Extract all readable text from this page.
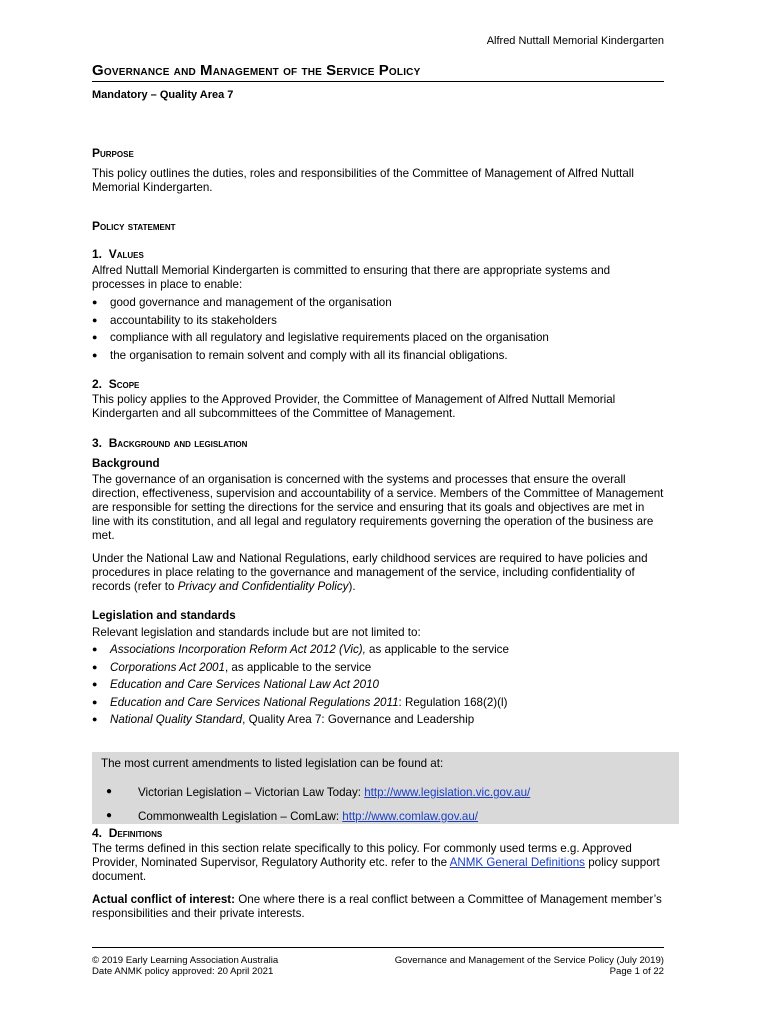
Alfred Nuttall Memorial Kindergarten
Governance and Management of the Service Policy
Mandatory – Quality Area 7
Purpose
This policy outlines the duties, roles and responsibilities of the Committee of Management of Alfred Nuttall Memorial Kindergarten.
Policy statement
1. Values
Alfred Nuttall Memorial Kindergarten is committed to ensuring that there are appropriate systems and processes in place to enable:
● good governance and management of the organisation
● accountability to its stakeholders
● compliance with all regulatory and legislative requirements placed on the organisation
● the organisation to remain solvent and comply with all its financial obligations.
2. Scope
This policy applies to the Approved Provider, the Committee of Management of Alfred Nuttall Memorial Kindergarten and all subcommittees of the Committee of Management.
3. Background and legislation
Background
The governance of an organisation is concerned with the systems and processes that ensure the overall direction, effectiveness, supervision and accountability of a service. Members of the Committee of Management are responsible for setting the directions for the service and ensuring that its goals and objectives are met in line with its constitution, and all legal and regulatory requirements governing the operation of the business are met.
Under the National Law and National Regulations, early childhood services are required to have policies and procedures in place relating to the governance and management of the service, including confidentiality of records (refer to Privacy and Confidentiality Policy).
Legislation and standards
Relevant legislation and standards include but are not limited to:
● Associations Incorporation Reform Act 2012 (Vic), as applicable to the service
● Corporations Act 2001, as applicable to the service
● Education and Care Services National Law Act 2010
● Education and Care Services National Regulations 2011: Regulation 168(2)(l)
● National Quality Standard, Quality Area 7: Governance and Leadership
The most current amendments to listed legislation can be found at:
● Victorian Legislation – Victorian Law Today: http://www.legislation.vic.gov.au/
● Commonwealth Legislation – ComLaw: http://www.comlaw.gov.au/
4. Definitions
The terms defined in this section relate specifically to this policy. For commonly used terms e.g. Approved Provider, Nominated Supervisor, Regulatory Authority etc. refer to the ANMK General Definitions policy support document.
Actual conflict of interest: One where there is a real conflict between a Committee of Management member’s responsibilities and their private interests.
© 2019 Early Learning Association Australia
Date ANMK policy approved: 20 April 2021
Governance and Management of the Service Policy (July 2019)
Page 1 of 22
